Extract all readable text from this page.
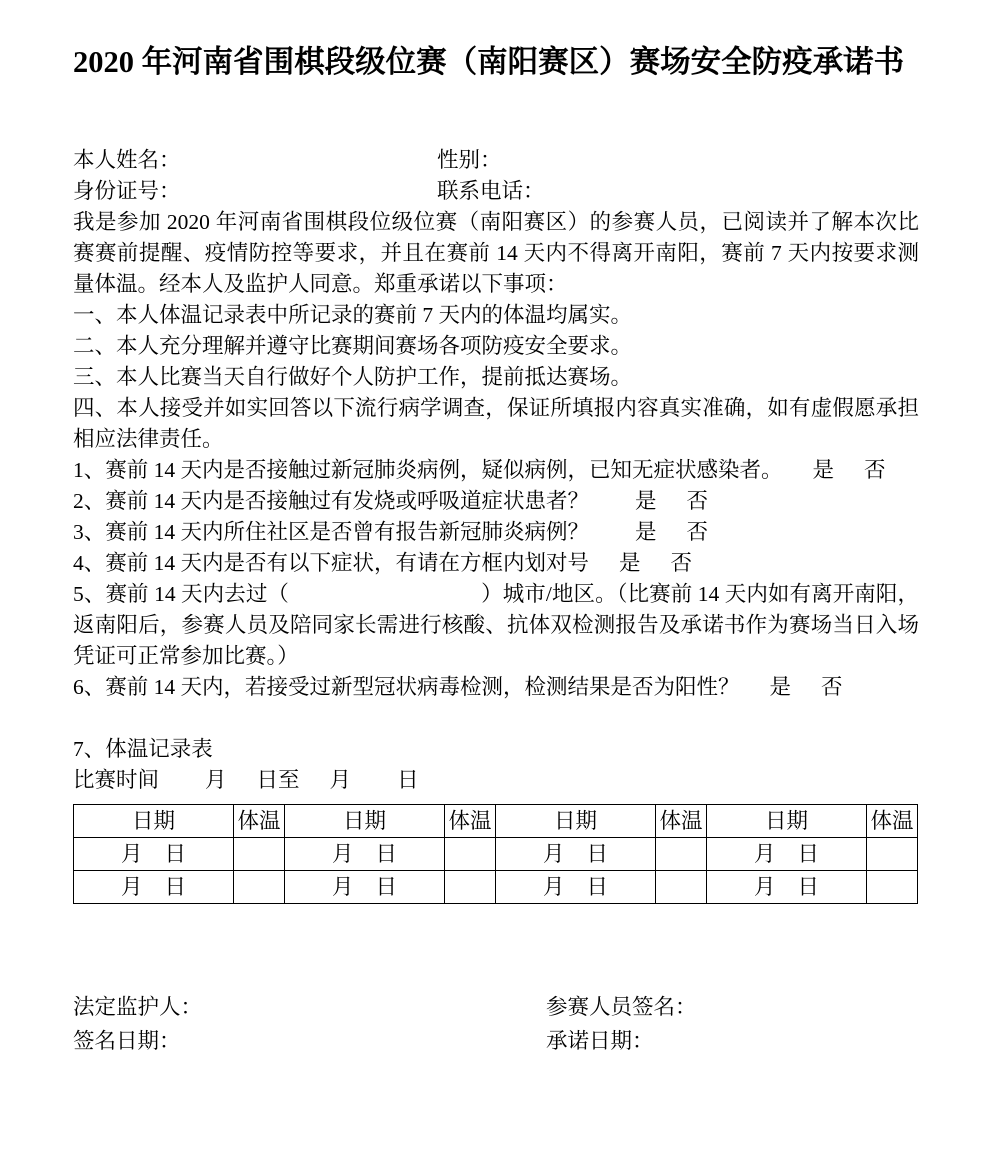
2020 年河南省围棋段级位赛（南阳赛区）赛场安全防疫承诺书
本人姓名：	性别：
身份证号：	联系电话：

我是参加 2020 年河南省围棋段位级位赛（南阳赛区）的参赛人员，已阅读并了解本次比赛赛前提醒、疫情防控等要求，并且在赛前 14 天内不得离开南阳，赛前 7 天内按要求测量体温。经本人及监护人同意。郑重承诺以下事项：

一、本人体温记录表中所记录的赛前 7 天内的体温均属实。

二、本人充分理解并遵守比赛期间赛场各项防疫安全要求。

三、本人比赛当天自行做好个人防护工作，提前抵达赛场。

四、本人接受并如实回答以下流行病学调查，保证所填报内容真实准确，如有虚假愿承担相应法律责任。

1、赛前 14 天内是否接触过新冠肺炎病例，疑似病例，已知无症状感染者。 是 否

2、赛前 14 天内是否接触过有发烧或呼吸道症状患者？ 是 否

3、赛前 14 天内所住社区是否曾有报告新冠肺炎病例？ 是 否

4、赛前 14 天内是否有以下症状，有请在方框内划对号 是 否

5、赛前 14 天内去过（	）城市/地区。（比赛前 14 天内如有离开南阳，返南阳后，参赛人员及陪同家长需进行核酸、抗体双检测报告及承诺书作为赛场当日入场凭证可正常参加比赛。）

6、赛前 14 天内，若接受过新型冠状病毒检测，检测结果是否为阳性？ 是 否

7、体温记录表

比赛时间 月 日至 月 日

日期	体温	日期	体温	日期	体温	日期	体温
月 日		月 日		月 日		月 日	
月 日		月 日		月 日		月 日	
法定监护人：	参赛人员签名：
签名日期：	承诺日期：
